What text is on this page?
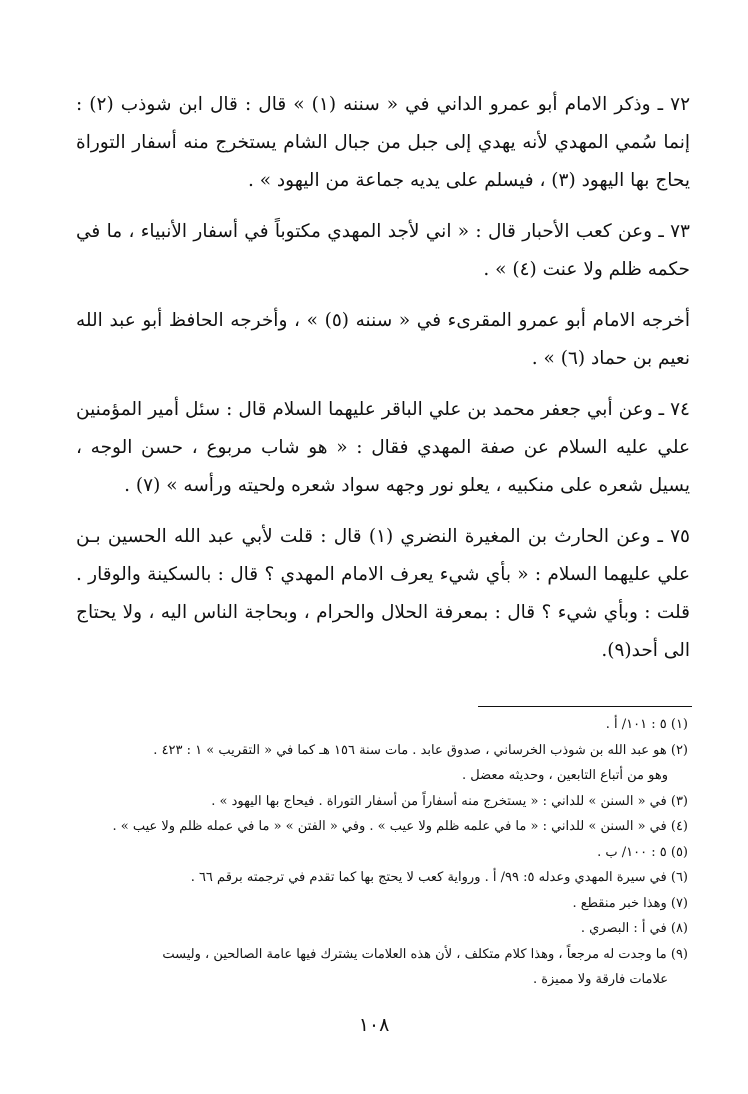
٧٢ ـ وذكر الامام أبو عمرو الداني في « سننه (١) » قال : قال ابن شوذب (٢) : إنما سُمي المهدي لأنه يهدي إلى جبل من جبال الشام يستخرج منه أسفار التوراة يحاج بها اليهود (٣) ، فيسلم على يديه جماعة من اليهود » .

٧٣ ـ وعن كعب الأحبار قال : « اني لأجد المهدي مكتوباً في أسفار الأنبياء ، ما في حكمه ظلم ولا عنت (٤) » .

أخرجه الامام أبو عمرو المقرىء في « سننه (٥) » ، وأخرجه الحافظ أبو عبد الله نعيم بن حماد (٦) » .

٧٤ ـ وعن أبي جعفر محمد بن علي الباقر عليهما السلام قال : سئل أمير المؤمنين علي عليه السلام عن صفة المهدي فقال : « هو شاب مربوع ، حسن الوجه ، يسيل شعره على منكبيه ، يعلو نور وجهه سواد شعره ولحيته ورأسه » (٧) .

٧٥ ـ وعن الحارث بن المغيرة النضري (١) قال : قلت لأبي عبد الله الحسين بـن علي عليهما السلام : « بأي شيء يعرف الامام المهدي ؟ قال : بالسكينة والوقار . قلت : وبأي شيء ؟ قال : بمعرفة الحلال والحرام ، وبحاجة الناس اليه ، ولا يحتاج الى أحد(٩).

(١) ٥ : ١٠١/ أ .
(٢) هو عبد الله بن شوذب الخرساني ، صدوق عابد . مات سنة ١٥٦ هـ كما في « التقريب » ١ : ٤٢٣ .
وهو من أتباع التابعين ، وحديثه معضل .
(٣) في « السنن » للداني : « يستخرج منه أسفاراً من أسفار التوراة . فيحاج بها اليهود » .
(٤) في « السنن » للداني : « ما في علمه ظلم ولا عيب » . وفي « الفتن » « ما في عمله ظلم ولا عيب » .
(٥) ٥ : ١٠٠/ ب .
(٦) في سيرة المهدي وعدله ٥: ٩٩/ أ . ورواية كعب لا يحتج بها كما تقدم في ترجمته برقم ٦٦ .
(٧) وهذا خبر منقطع .
(٨) في أ : البصري .
(٩) ما وجدت له مرجعاً ، وهذا كلام متكلف ، لأن هذه العلامات يشترك فيها عامة الصالحين ، وليست
علامات فارقة ولا مميزة .
١٠٨
